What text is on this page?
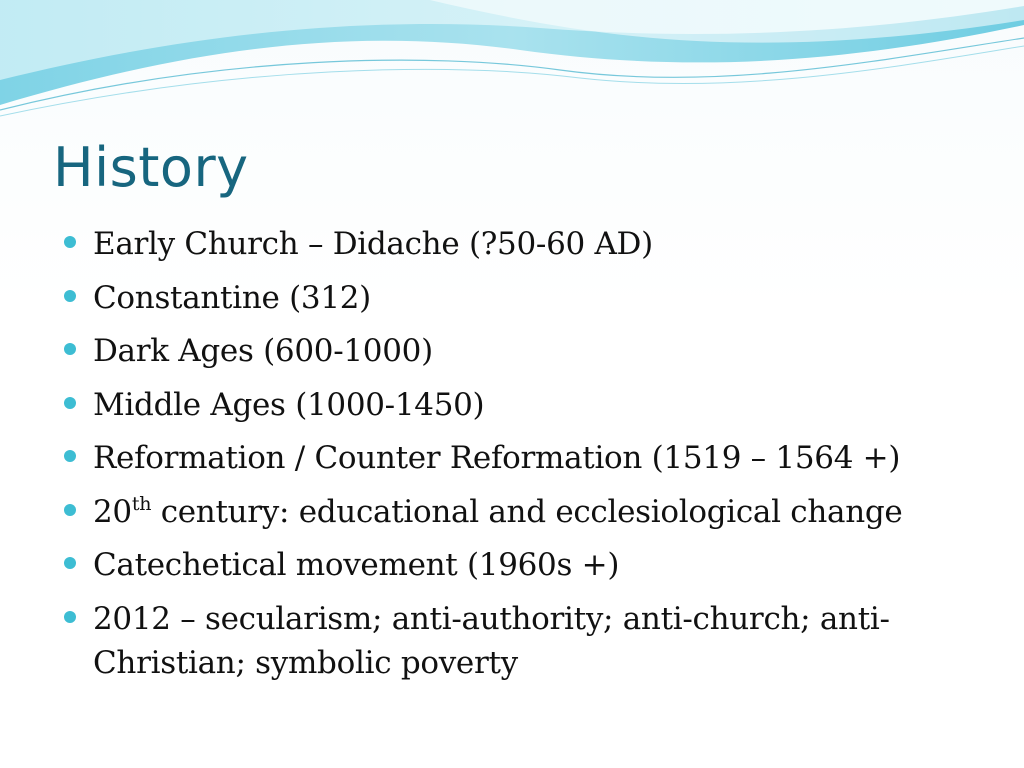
History
Early Church – Didache (?50-60 AD)
Constantine (312)
Dark Ages (600-1000)
Middle Ages (1000-1450)
Reformation / Counter Reformation (1519 – 1564 +)
20th century: educational and ecclesiological change
Catechetical movement (1960s +)
2012 – secularism; anti-authority; anti-church; anti-Christian; symbolic poverty
